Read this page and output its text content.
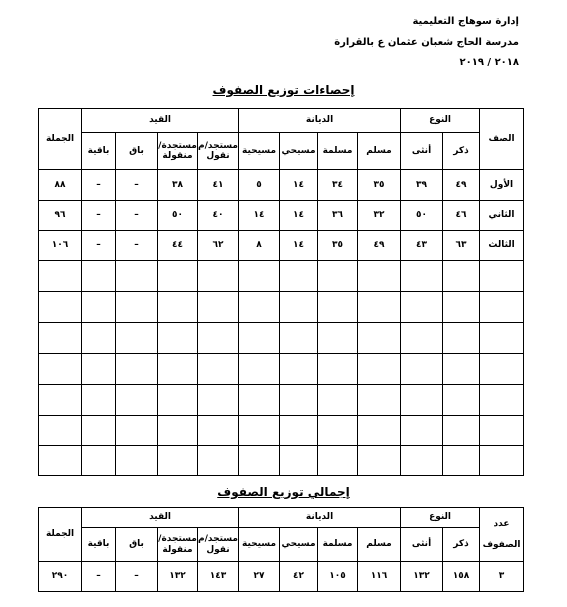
إدارة سوهاج التعليمية
مدرسة الحاج شعبان عثمان ع بالقرارة
٢٠١٨ / ٢٠١٩
إحصاءات توزيع الصفوف
الصف	النوع		الديانة				القيد				الجملة
	ذكر	أنثى	مسلم	مسلمة	مسيحي	مسيحية	مستجد/م نقول	مستجدة/ منقولة	باق	باقية	
الأول	٤٩	٣٩	٣٥	٣٤	١٤	٥	٤١	٣٨	–	–	٨٨
الثاني	٤٦	٥٠	٣٢	٣٦	١٤	١٤	٤٠	٥٠	–	–	٩٦
الثالث	٦٣	٤٣	٤٩	٣٥	١٤	٨	٦٢	٤٤	–	–	١٠٦

إجمالي توزيع الصفوف
عدد

الصفوف	النوع		الديانة				القيد				الجملة
	ذكر	أنثى	مسلم	مسلمة	مسيحي	مسيحية	مستجد/م نقول	مستجدة/ منقولة	باق	باقية	
٣	١٥٨	١٣٢	١١٦	١٠٥	٤٢	٢٧	١٤٣	١٣٢	–	–	٢٩٠
